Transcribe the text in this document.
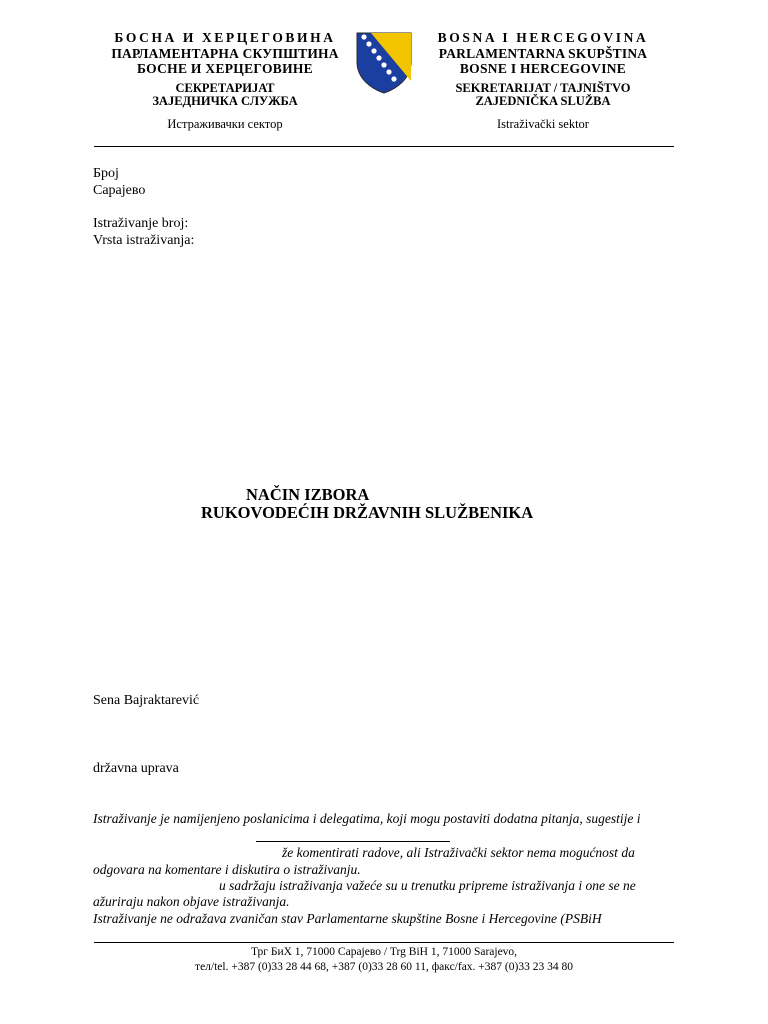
БОСНА И ХЕРЦЕГОВИНА
ПАРЛАМЕНТАРНА СКУПШТИНА
БОСНЕ И ХЕРЦЕГОВИНЕ
СЕКРЕТАРИЈАТ
ЗАЈЕДНИЧКА СЛУЖБА
Истраживачки сектор
BOSNA I HERCEGOVINA
PARLAMENTARNA SKUPŠTINA
BOSNE I HERCEGOVINE
SEKRETARIJAT / TAJNIŠTVO
ZAJEDNIČKA SLUŽBA
Istraživački sektor
Број
Сарајево
Istraživanje broj:
Vrsta istraživanja:
NAČIN IZBORA
RUKOVODEĆIH DRŽAVNIH SLUŽBENIKA
Sena Bajraktarević
državna uprava
Istraživanje je namijenjeno poslanicima i delegatima, koji mogu postaviti dodatna pitanja, sugestije i
že komentirati radove, ali Istraživački sektor nema mogućnost da
odgovara na komentare i diskutira o istraživanju.
u sadržaju istraživanja važeće su u trenutku pripreme istraživanja i one se ne
ažuriraju nakon objave istraživanja.
Istraživanje ne odražava zvaničan stav Parlamentarne skupštine Bosne i Hercegovine (PSBiH
Трг БиХ 1, 71000 Сарајево / Trg BiH 1, 71000 Sarajevo,
тел/tel. +387 (0)33 28 44 68, +387 (0)33 28 60 11, факс/fax. +387 (0)33 23 34 80
